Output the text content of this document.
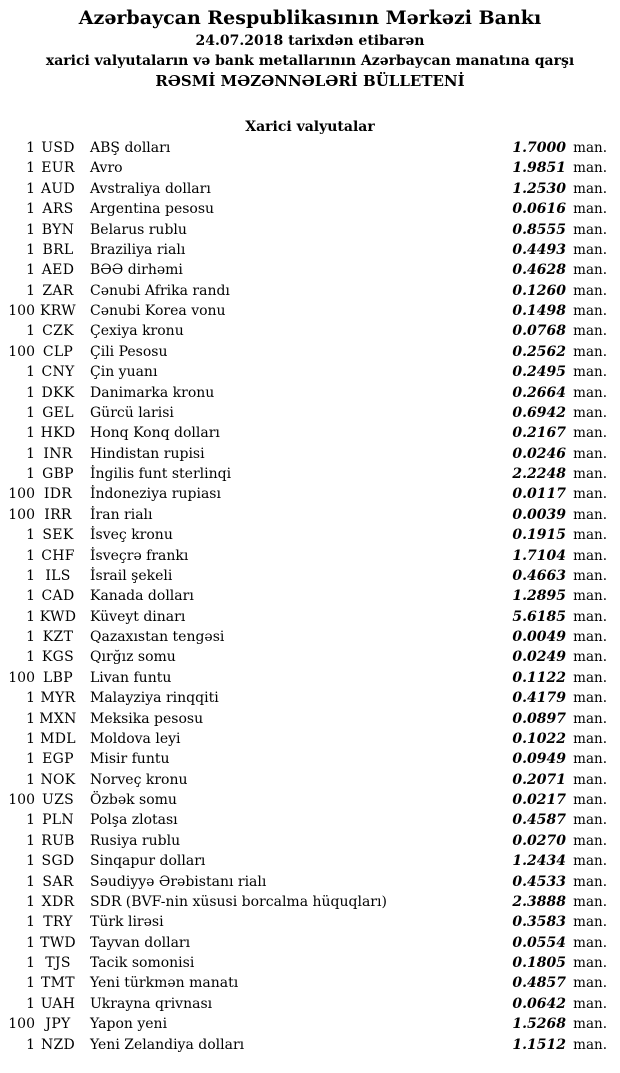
Azərbaycan Respublikasının Mərkəzi Bankı
24.07.2018 tarixdən etibarən
xarici valyutaların və bank metallarının Azərbaycan manatına qarşı
RƏSMİ MƏZƏNNƏLƏRİ BÜLLETENİ
Xarici valyutalar
1 USD	ABŞ dolları	1.7000 man.
1 EUR	Avro	1.9851 man.
1 AUD	Avstraliya dolları	1.2530 man.
1 ARS	Argentina pesosu	0.0616 man.
1 BYN	Belarus rublu	0.8555 man.
1 BRL	Braziliya rialı	0.4493 man.
1 AED	BƏƏ dirhəmi	0.4628 man.
1 ZAR	Cənubi Afrika randı	0.1260 man.
100 KRW	Cənubi Korea vonu	0.1498 man.
1 CZK	Çexiya kronu	0.0768 man.
100 CLP	Çili Pesosu	0.2562 man.
1 CNY	Çin yuanı	0.2495 man.
1 DKK	Danimarka kronu	0.2664 man.
1 GEL	Gürcü larisi	0.6942 man.
1 HKD	Honq Konq dolları	0.2167 man.
1 INR	Hindistan rupisi	0.0246 man.
1 GBP	İngilis funt sterlinqi	2.2248 man.
100 IDR	İndoneziya rupiası	0.0117 man.
100 IRR	İran rialı	0.0039 man.
1 SEK	İsveç kronu	0.1915 man.
1 CHF	İsveçrə frankı	1.7104 man.
1 ILS	İsrail şekeli	0.4663 man.
1 CAD	Kanada dolları	1.2895 man.
1 KWD Küveyt dinarı	5.6185 man.
1 KZT	Qazaxıstan tengəsi	0.0049 man.
1 KGS	Qırğız somu	0.0249 man.
100 LBP	Livan funtu	0.1122 man.
1 MYR	Malayziya rinqqiti	0.4179 man.
1 MXN Meksika pesosu	0.0897 man.
1 MDL	Moldova leyi	0.1022 man.
1 EGP	Misir funtu	0.0949 man.
1 NOK	Norveç kronu	0.2071 man.
100 UZS	Özbək somu	0.0217 man.
1 PLN	Polşa zlotası	0.4587 man.
1 RUB	Rusiya rublu	0.0270 man.
1 SGD	Sinqapur dolları	1.2434 man.
1 SAR	Səudiyyə Ərəbistanı rialı	0.4533 man.
1 XDR	SDR (BVF-nin xüsusi borcalma hüquqları)	2.3888 man.
1 TRY	Türk lirəsi	0.3583 man.
1 TWD	Tayvan dolları	0.0554 man.
1 TJS	Tacik somonisi	0.1805 man.
1 TMT	Yeni türkmən manatı	0.4857 man.
1 UAH	Ukrayna qrivnası	0.0642 man.
100 JPY	Yapon yeni	1.5268 man.
1 NZD	Yeni Zelandiya dolları	1.1512 man.
